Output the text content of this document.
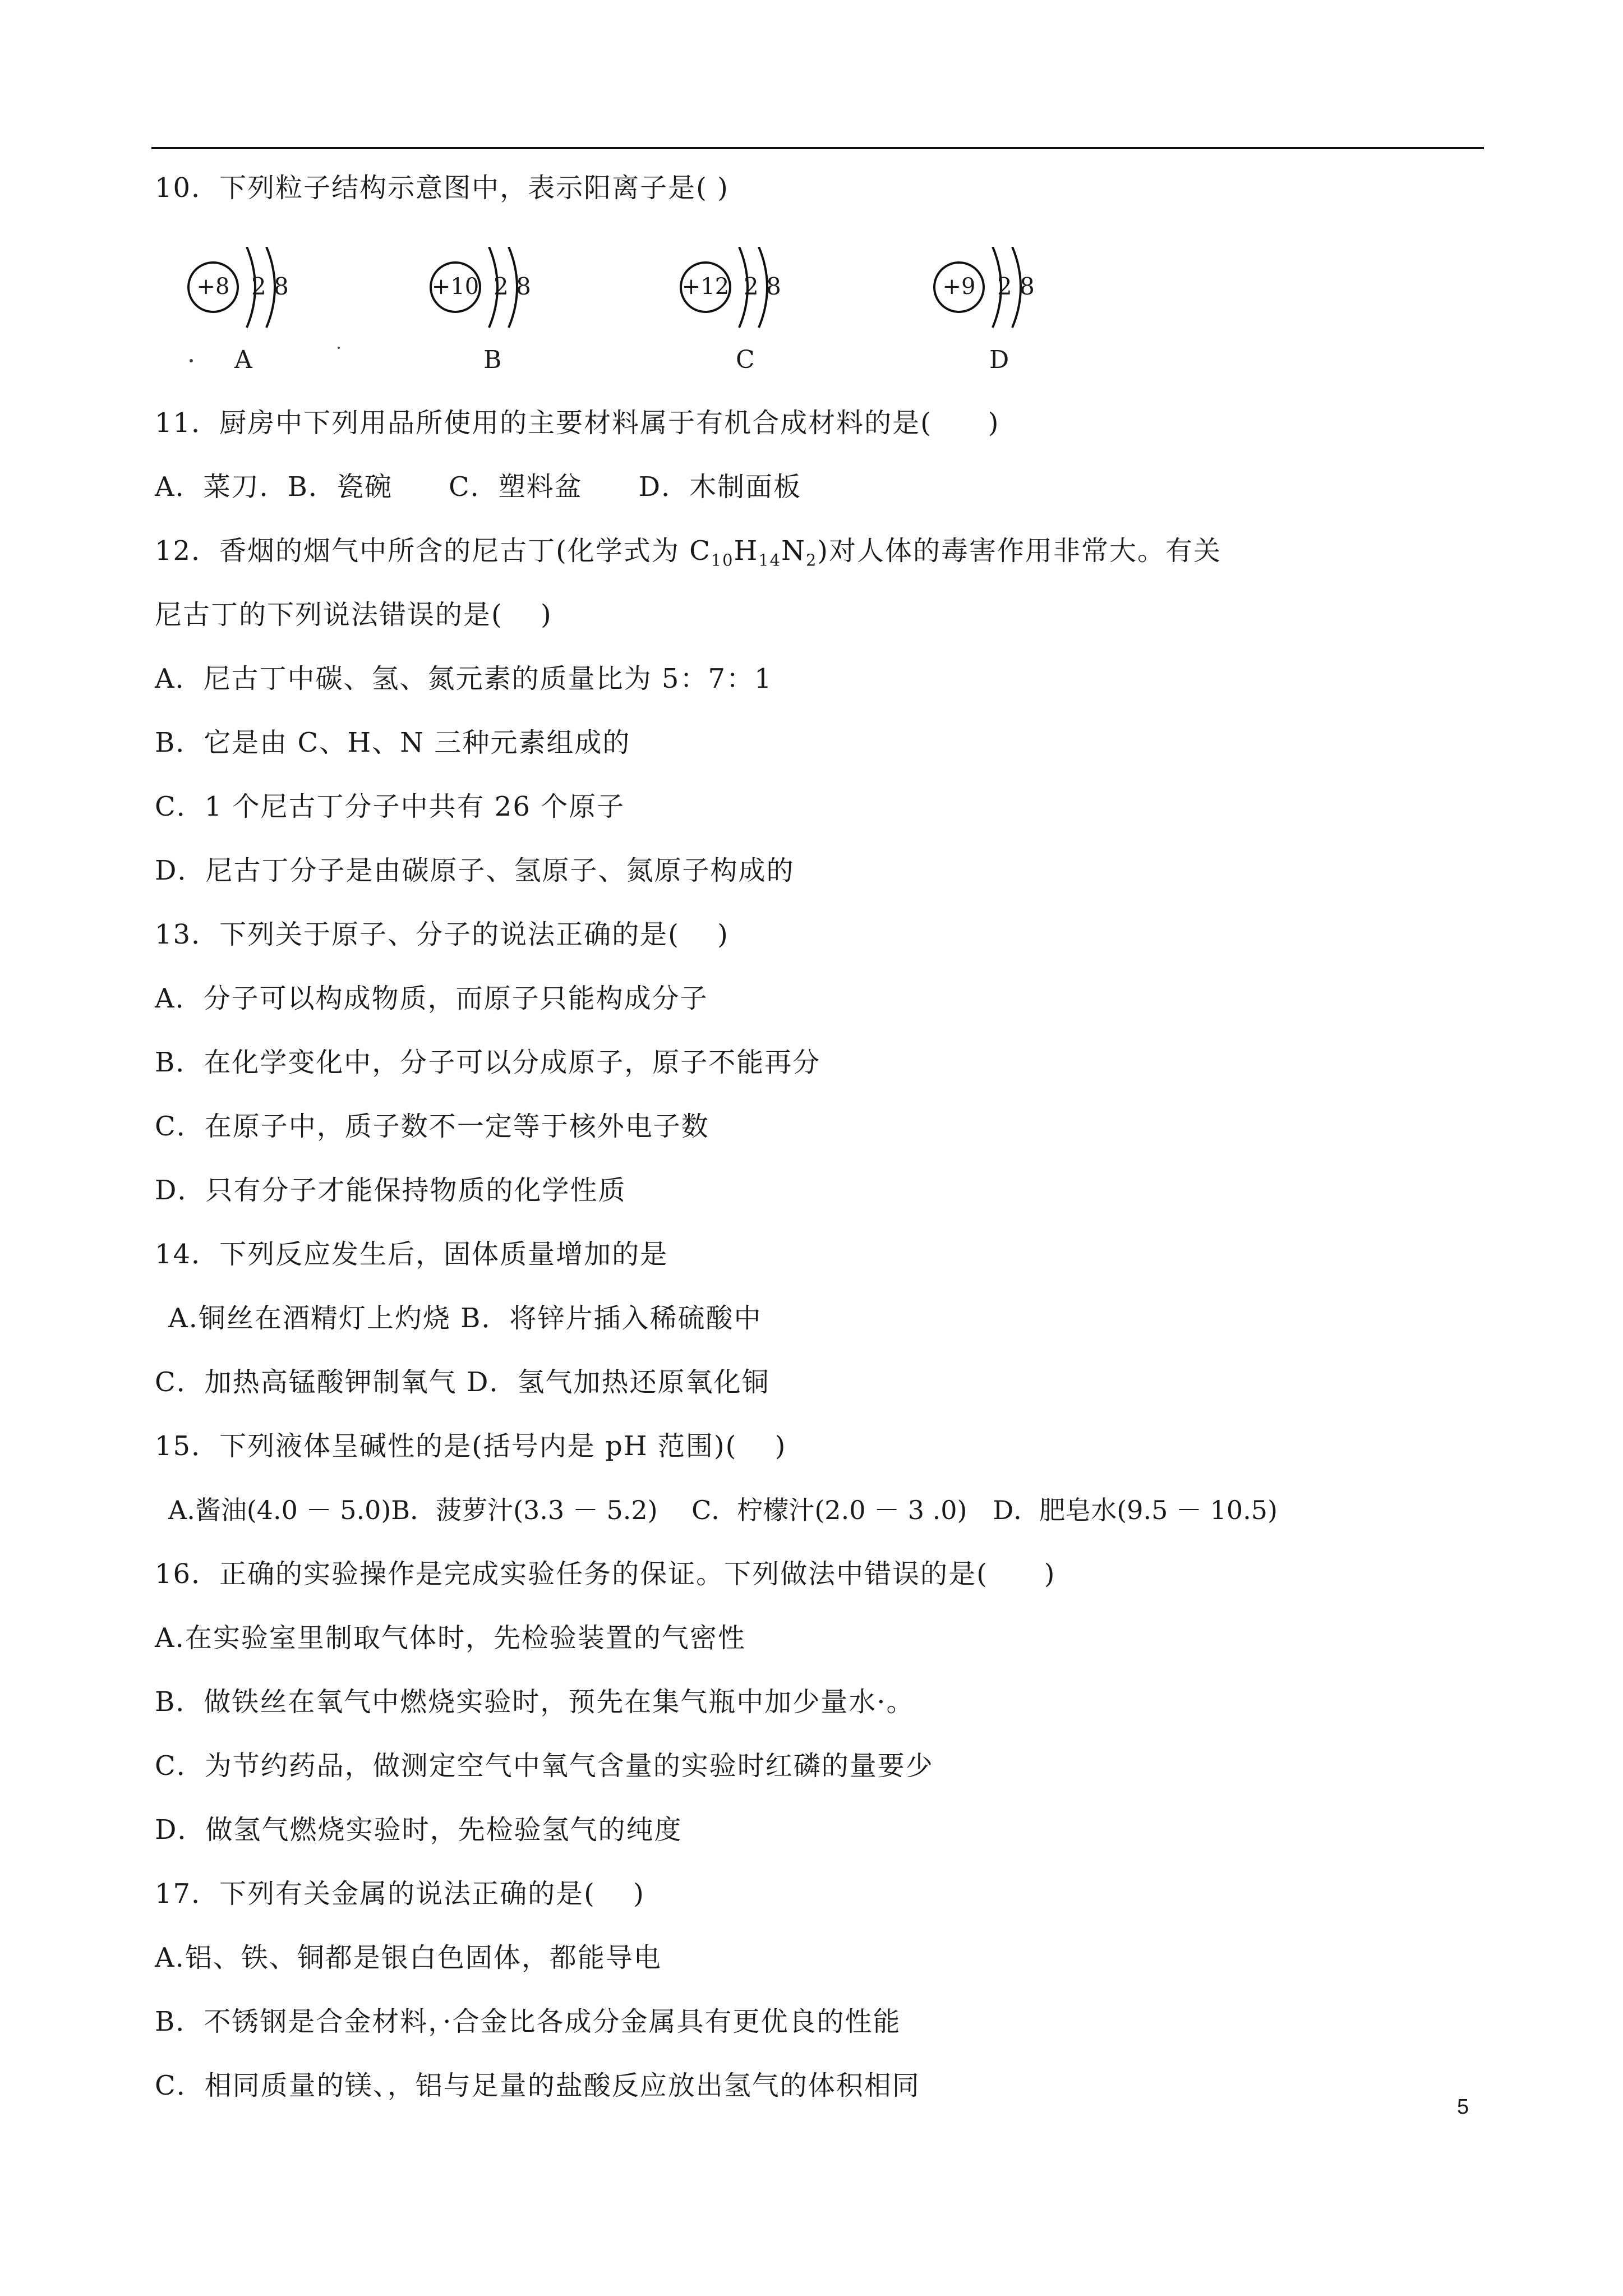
10．下列粒子结构示意图中，表示阳离子是( )
+8 2 8
A
+10 2 8
B
+12 2 8
C
+9 2 8
D
11．厨房中下列用品所使用的主要材料属于有机合成材料的是(　　)
A．菜刀．B．瓷碗　　C．塑料盆　　D．木制面板
12．香烟的烟气中所含的尼古丁(化学式为 $C_{10}H_{14}N_2$)对人体的毒害作用非常大。有关
尼古丁的下列说法错误的是(　 )
A．尼古丁中碳、氢、氮元素的质量比为 5：7：1
B．它是由 C、H、N 三种元素组成的
C．1 个尼古丁分子中共有 26 个原子
D．尼古丁分子是由碳原子、氢原子、氮原子构成的
13．下列关于原子、分子的说法正确的是(　 )
A．分子可以构成物质，而原子只能构成分子
B．在化学变化中，分子可以分成原子，原子不能再分
C．在原子中，质子数不一定等于核外电子数
D．只有分子才能保持物质的化学性质
14．下列反应发生后，固体质量增加的是
A.铜丝在酒精灯上灼烧 B．将锌片插入稀硫酸中
C．加热高锰酸钾制氧气 D．氢气加热还原氧化铜
15．下列液体呈碱性的是(括号内是 pH 范围)(　 )
A.酱油(4.0 － 5.0)B．菠萝汁(3.3 － 5.2)　 C．柠檬汁(2.0 － 3 .0)　D．肥皂水(9.5 － 10.5)
16．正确的实验操作是完成实验任务的保证。下列做法中错误的是(　　)
A.在实验室里制取气体时，先检验装置的气密性
B．做铁丝在氧气中燃烧实验时，预先在集气瓶中加少量水·。
C．为节约药品，做测定空气中氧气含量的实验时红磷的量要少
D．做氢气燃烧实验时，先检验氢气的纯度
17．下列有关金属的说法正确的是(　 )
A.铝、铁、铜都是银白色固体，都能导电
B．不锈钢是合金材料，·合金比各成分金属具有更优良的性能
C．相同质量的镁、，铝与足量的盐酸反应放出氢气的体积相同
5
